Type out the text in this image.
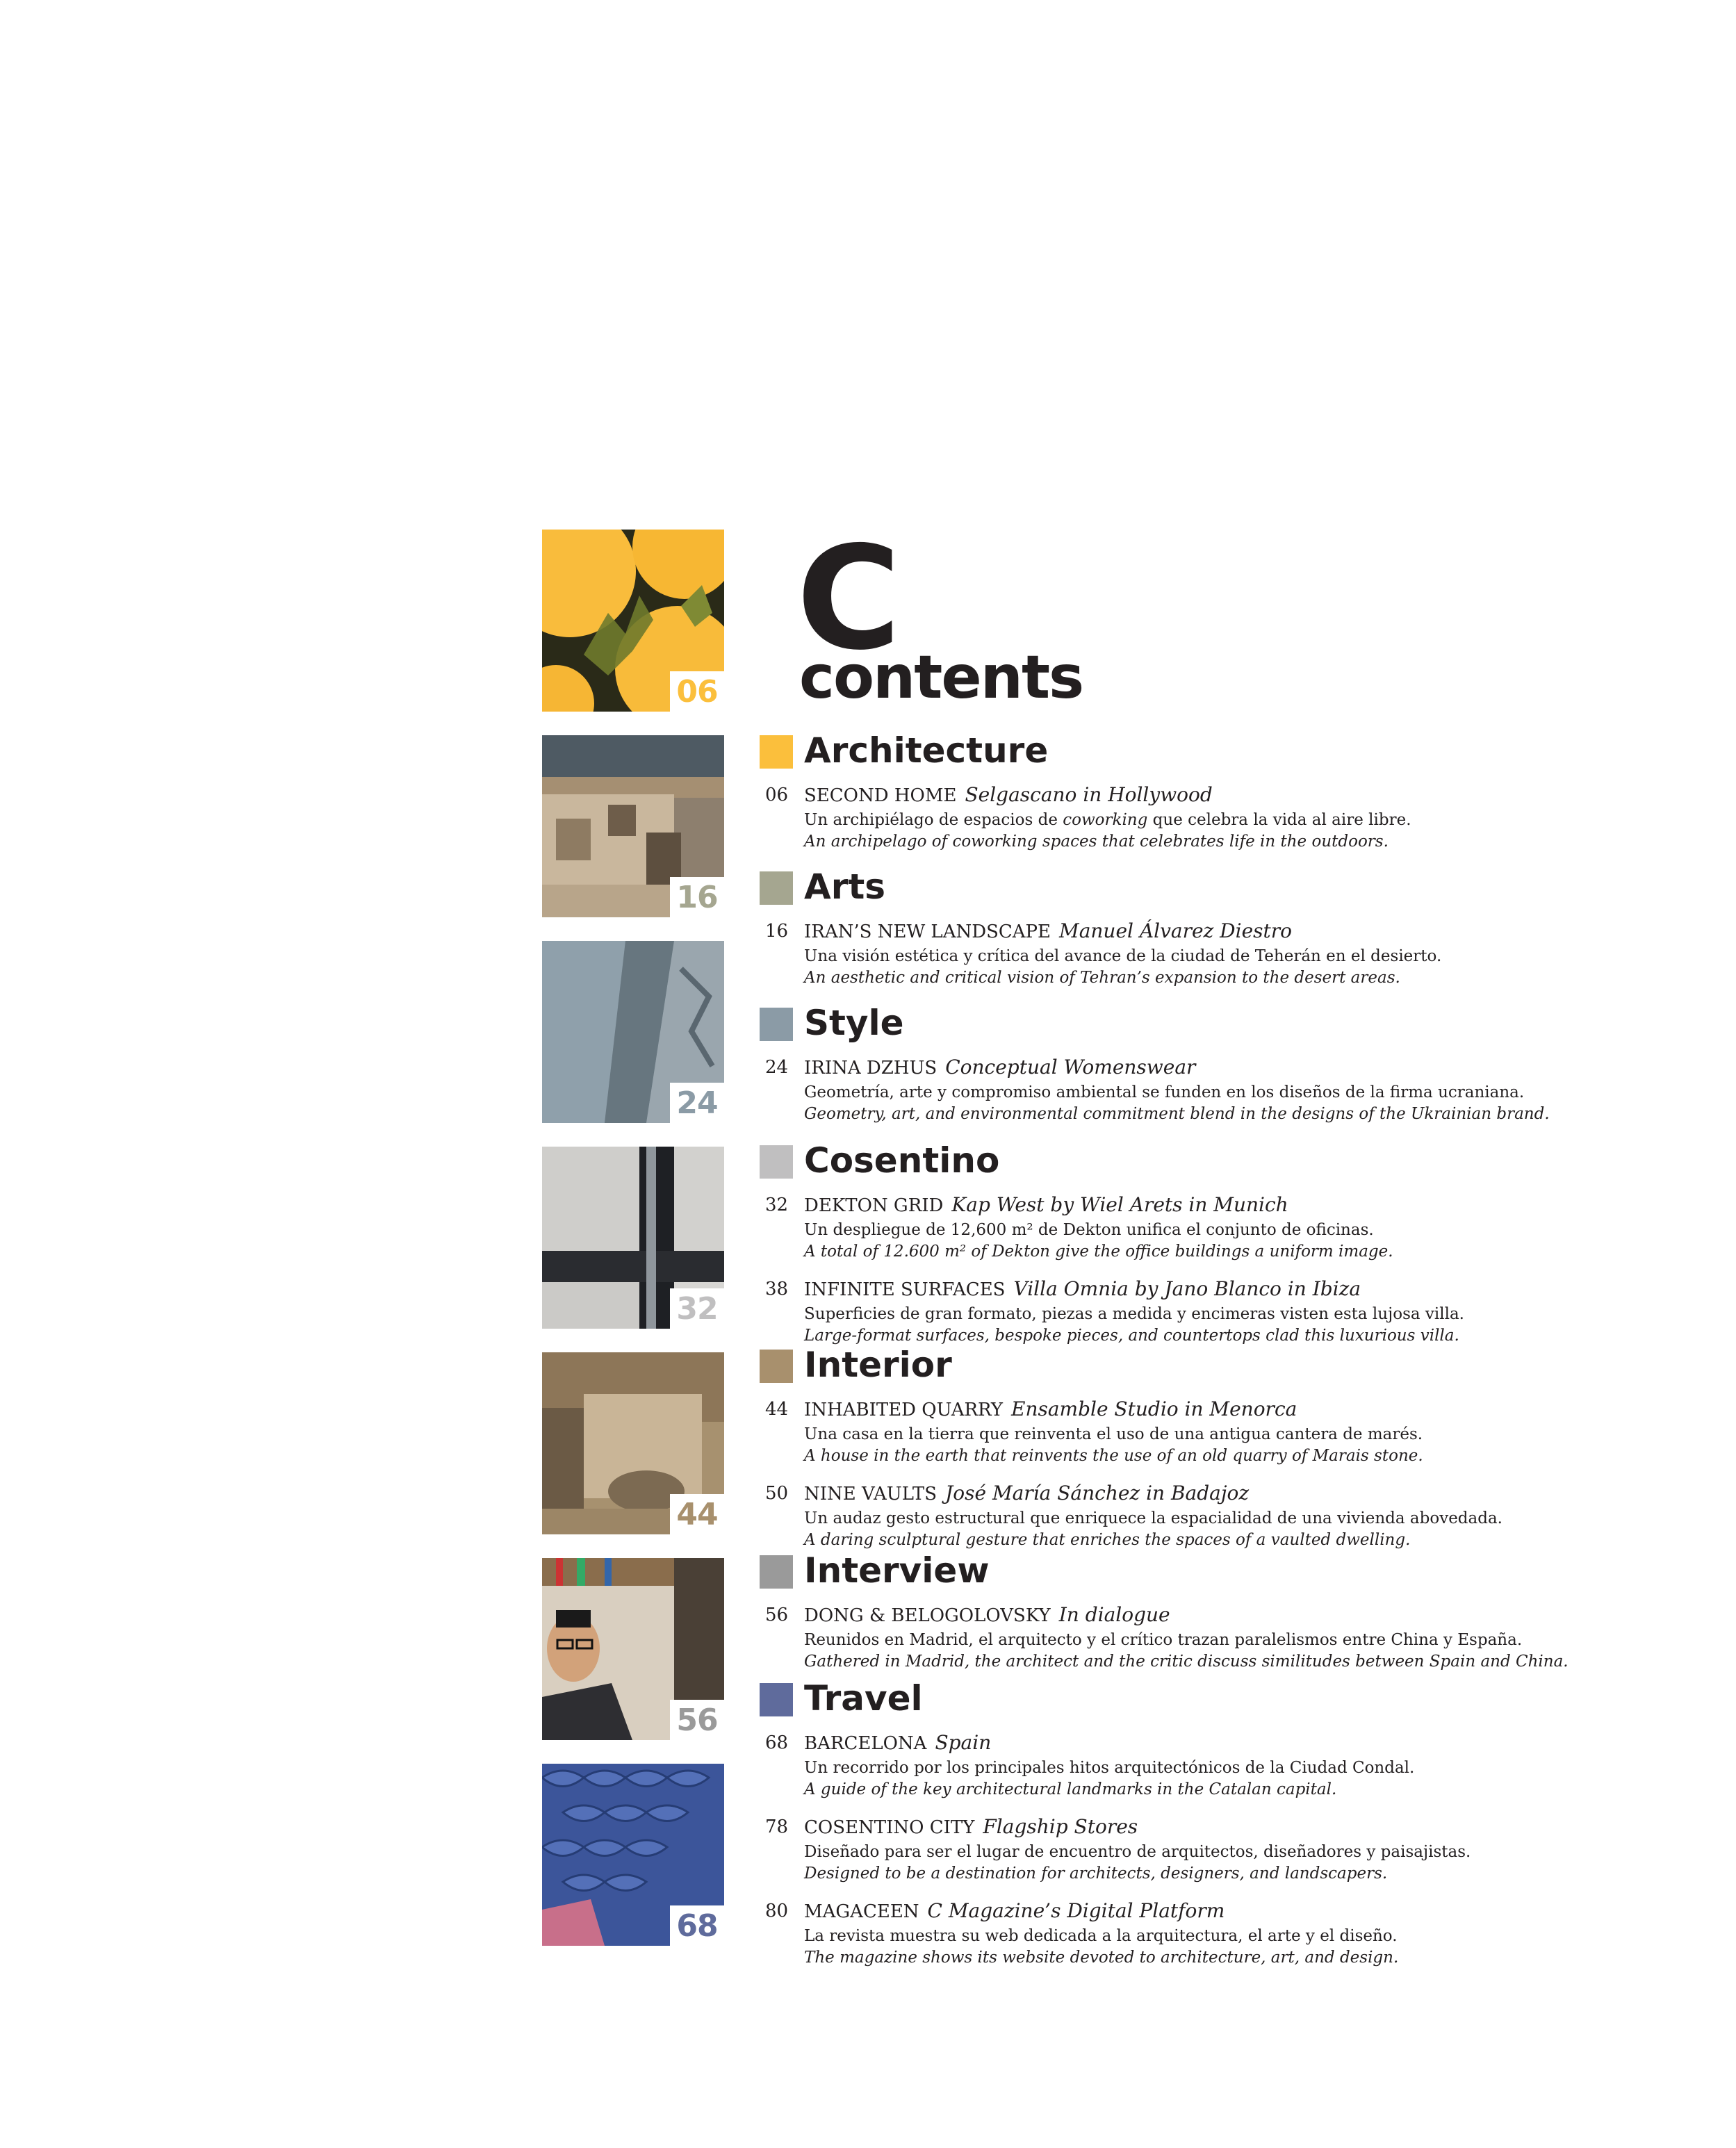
06
16
24
32
44
56
68
C
contents
Architecture
06 SECOND HOME Selgascano in Hollywood
Un archipiélago de espacios de coworking que celebra la vida al aire libre.
An archipelago of coworking spaces that celebrates life in the outdoors.
Arts
16 IRAN’S NEW LANDSCAPE Manuel Álvarez Diestro
Una visión estética y crítica del avance de la ciudad de Teherán en el desierto.
An aesthetic and critical vision of Tehran’s expansion to the desert areas.
Style
24 IRINA DZHUS Conceptual Womenswear
Geometría, arte y compromiso ambiental se funden en los diseños de la firma ucraniana.
Geometry, art, and environmental commitment blend in the designs of the Ukrainian brand.
Cosentino
32 DEKTON GRID Kap West by Wiel Arets in Munich
Un despliegue de 12,600 m² de Dekton unifica el conjunto de oficinas.
A total of 12.600 m² of Dekton give the office buildings a uniform image.
38 INFINITE SURFACES Villa Omnia by Jano Blanco in Ibiza
Superficies de gran formato, piezas a medida y encimeras visten esta lujosa villa.
Large-format surfaces, bespoke pieces, and countertops clad this luxurious villa.
Interior
44 INHABITED QUARRY Ensamble Studio in Menorca
Una casa en la tierra que reinventa el uso de una antigua cantera de marés.
A house in the earth that reinvents the use of an old quarry of Marais stone.
50 NINE VAULTS José María Sánchez in Badajoz
Un audaz gesto estructural que enriquece la espacialidad de una vivienda abovedada.
A daring sculptural gesture that enriches the spaces of a vaulted dwelling.
Interview
56 DONG & BELOGOLOVSKY In dialogue
Reunidos en Madrid, el arquitecto y el crítico trazan paralelismos entre China y España.
Gathered in Madrid, the architect and the critic discuss similitudes between Spain and China.
Travel
68 BARCELONA Spain
Un recorrido por los principales hitos arquitectónicos de la Ciudad Condal.
A guide of the key architectural landmarks in the Catalan capital.
78 COSENTINO CITY Flagship Stores
Diseñado para ser el lugar de encuentro de arquitectos, diseñadores y paisajistas.
Designed to be a destination for architects, designers, and landscapers.
80 MAGACEEN C Magazine’s Digital Platform
La revista muestra su web dedicada a la arquitectura, el arte y el diseño.
The magazine shows its website devoted to architecture, art, and design.
